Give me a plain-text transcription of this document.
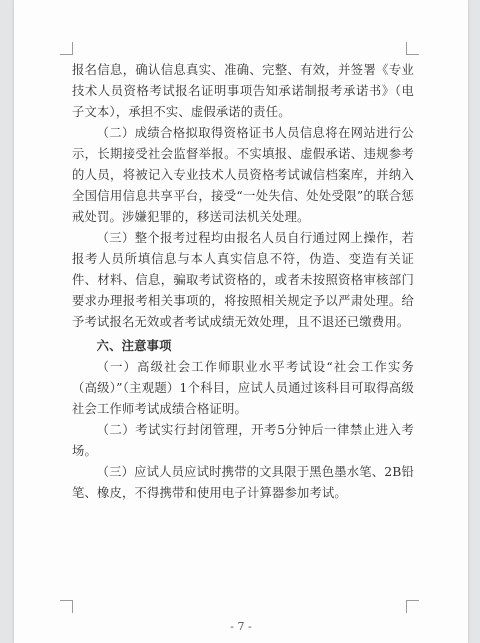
报名信息，确认信息真实、准确、完整、有效，并签署《专业技术人员资格考试报名证明事项告知承诺制报考承诺书》（电子文本），承担不实、虚假承诺的责任。

（二）成绩合格拟取得资格证书人员信息将在网站进行公示，长期接受社会监督举报。不实填报、虚假承诺、违规参考的人员，将被记入专业技术人员资格考试诚信档案库，并纳入全国信用信息共享平台，接受“一处失信、处处受限”的联合惩戒处罚。涉嫌犯罪的，移送司法机关处理。

（三）整个报考过程均由报名人员自行通过网上操作，若报考人员所填信息与本人真实信息不符，伪造、变造有关证件、材料、信息，骗取考试资格的，或者未按照资格审核部门要求办理报考相关事项的，将按照相关规定予以严肃处理。给予考试报名无效或者考试成绩无效处理，且不退还已缴费用。

六、注意事项

（一）高级社会工作师职业水平考试设“社会工作实务（高级）”（主观题）1个科目，应试人员通过该科目可取得高级社会工作师考试成绩合格证明。

（二）考试实行封闭管理，开考5分钟后一律禁止进入考场。

（三）应试人员应试时携带的文具限于黑色墨水笔、2B铅笔、橡皮，不得携带和使用电子计算器参加考试。

- 7 -
